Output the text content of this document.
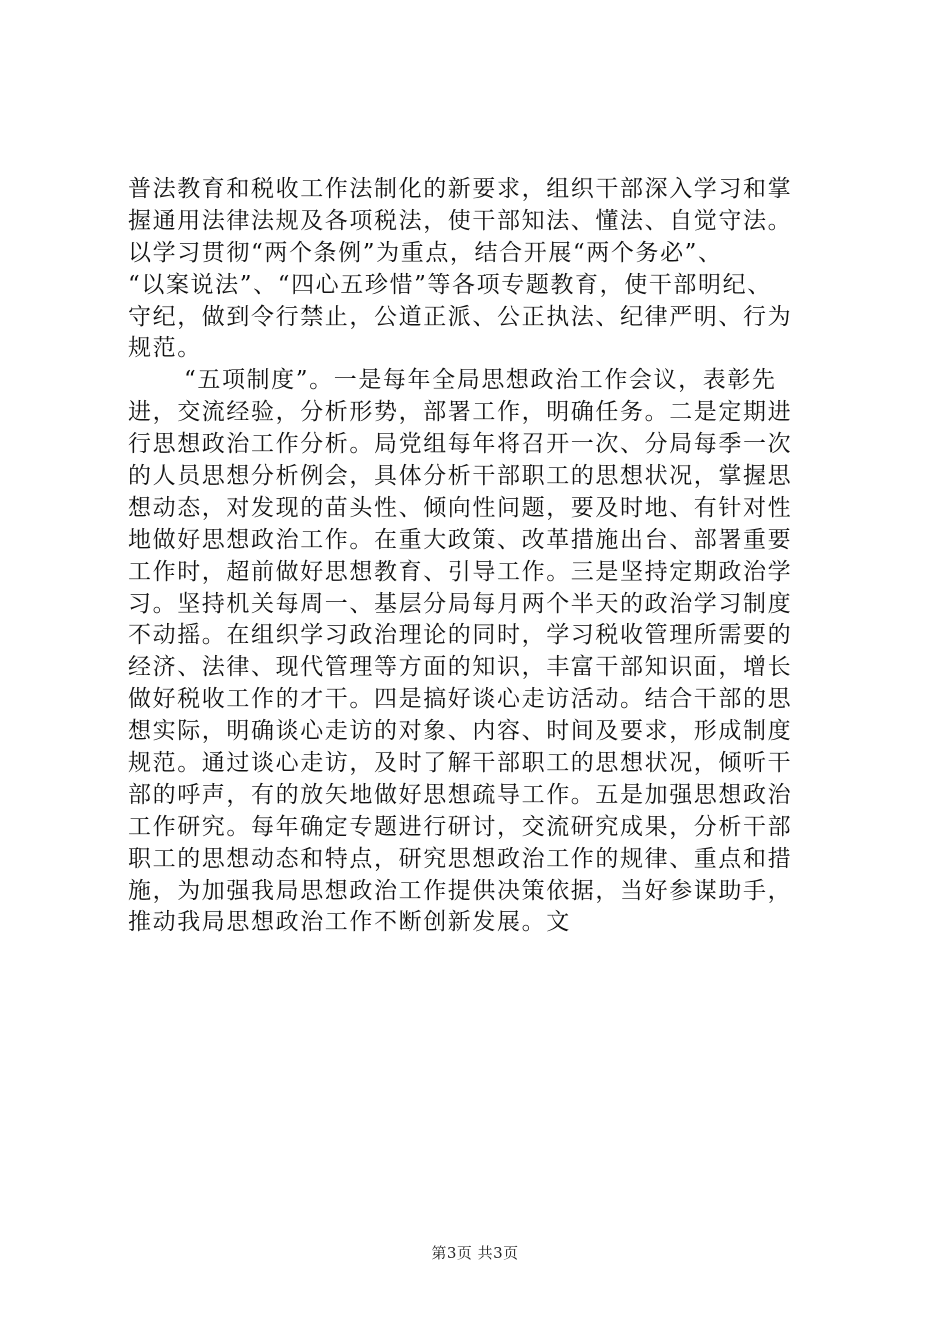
普法教育和税收工作法制化的新要求，组织干部深入学习和掌
握通用法律法规及各项税法，使干部知法、懂法、自觉守法。
以学习贯彻“两个条例”为重点，结合开展“两个务必”、
“以案说法”、“四心五珍惜”等各项专题教育，使干部明纪、
守纪，做到令行禁止，公道正派、公正执法、纪律严明、行为
规范。
“五项制度”。一是每年全局思想政治工作会议，表彰先
进，交流经验，分析形势，部署工作，明确任务。二是定期进
行思想政治工作分析。局党组每年将召开一次、分局每季一次
的人员思想分析例会，具体分析干部职工的思想状况，掌握思
想动态，对发现的苗头性、倾向性问题，要及时地、有针对性
地做好思想政治工作。在重大政策、改革措施出台、部署重要
工作时，超前做好思想教育、引导工作。三是坚持定期政治学
习。坚持机关每周一、基层分局每月两个半天的政治学习制度
不动摇。在组织学习政治理论的同时，学习税收管理所需要的
经济、法律、现代管理等方面的知识，丰富干部知识面，增长
做好税收工作的才干。四是搞好谈心走访活动。结合干部的思
想实际，明确谈心走访的对象、内容、时间及要求，形成制度
规范。通过谈心走访，及时了解干部职工的思想状况，倾听干
部的呼声，有的放矢地做好思想疏导工作。五是加强思想政治
工作研究。每年确定专题进行研讨，交流研究成果，分析干部
职工的思想动态和特点，研究思想政治工作的规律、重点和措
施，为加强我局思想政治工作提供决策依据，当好参谋助手，
推动我局思想政治工作不断创新发展。文
第3页 共3页
